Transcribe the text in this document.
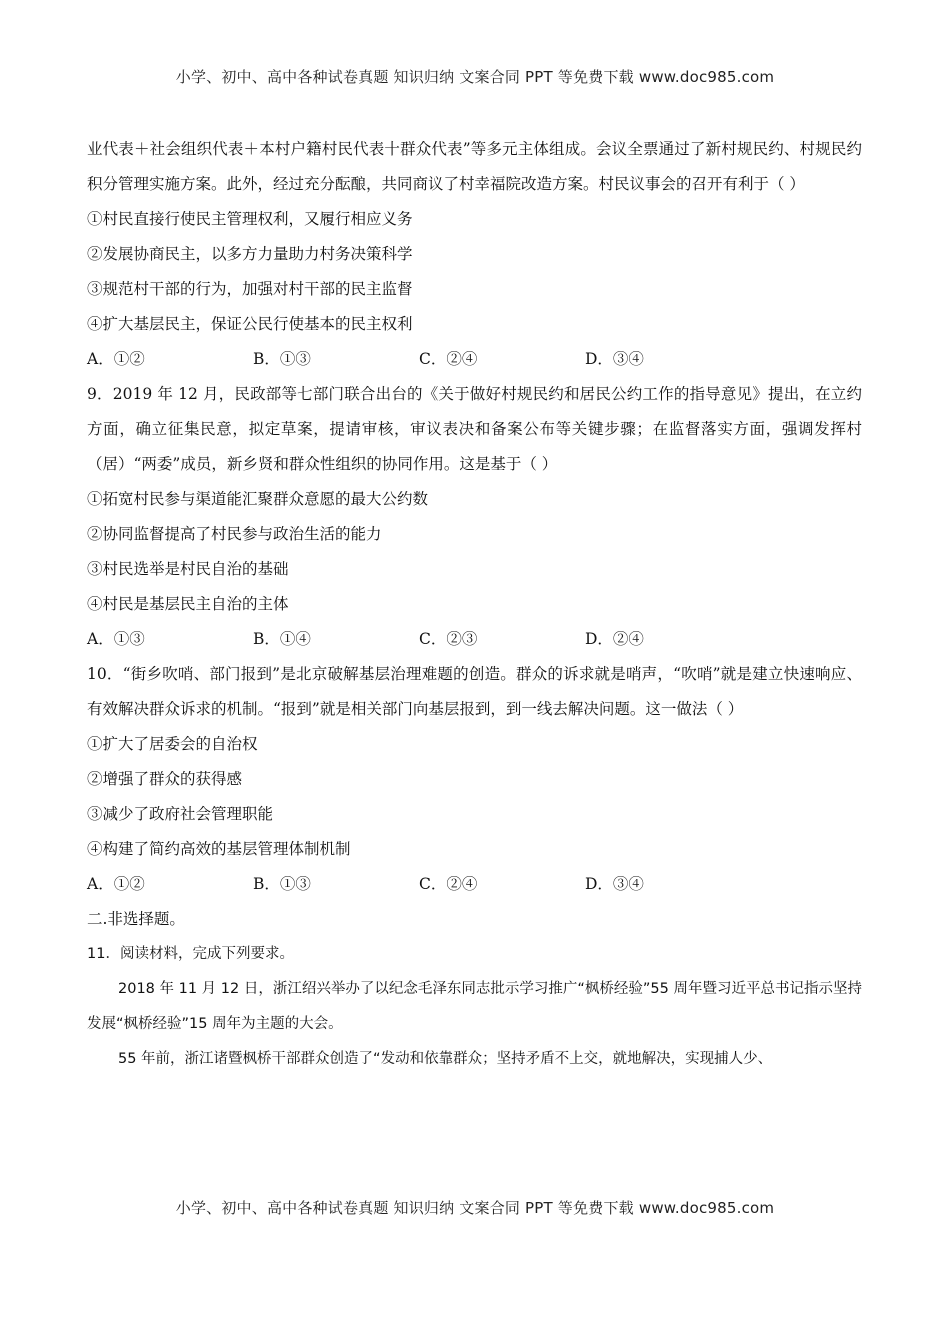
小学、初中、高中各种试卷真题 知识归纳 文案合同 PPT 等免费下载 www.doc985.com
业代表＋社会组织代表＋本村户籍村民代表十群众代表”等多元主体组成。会议全票通过了新村规民约、村规民约积分管理实施方案。此外，经过充分酝酿，共同商议了村幸福院改造方案。村民议事会的召开有利于（ ）
①村民直接行使民主管理权利，又履行相应义务
②发展协商民主，以多方力量助力村务决策科学
③规范村干部的行为，加强对村干部的民主监督
④扩大基层民主，保证公民行使基本的民主权利
A．①②	B．①③	C．②④	D．③④
9．2019 年 12 月，民政部等七部门联合出台的《关于做好村规民约和居民公约工作的指导意见》提出，在立约方面，确立征集民意，拟定草案，提请审核，审议表决和备案公布等关键步骤；在监督落实方面，强调发挥村（居）“两委”成员，新乡贤和群众性组织的协同作用。这是基于（ ）
①拓宽村民参与渠道能汇聚群众意愿的最大公约数
②协同监督提高了村民参与政治生活的能力
③村民选举是村民自治的基础
④村民是基层民主自治的主体
A．①③	B．①④	C．②③	D．②④
10．“街乡吹哨、部门报到”是北京破解基层治理难题的创造。群众的诉求就是哨声，“吹哨”就是建立快速响应、有效解决群众诉求的机制。“报到”就是相关部门向基层报到，到一线去解决问题。这一做法（ ）
①扩大了居委会的自治权
②增强了群众的获得感
③减少了政府社会管理职能
④构建了简约高效的基层管理体制机制
A．①②	B．①③	C．②④	D．③④
二.非选择题。
11．阅读材料，完成下列要求。
2018 年 11 月 12 日，浙江绍兴举办了以纪念毛泽东同志批示学习推广“枫桥经验”55 周年暨习近平总书记指示坚持发展“枫桥经验”15 周年为主题的大会。
55 年前，浙江诸暨枫桥干部群众创造了“发动和依靠群众；坚持矛盾不上交，就地解决，实现捕人少、
小学、初中、高中各种试卷真题 知识归纳 文案合同 PPT 等免费下载 www.doc985.com
